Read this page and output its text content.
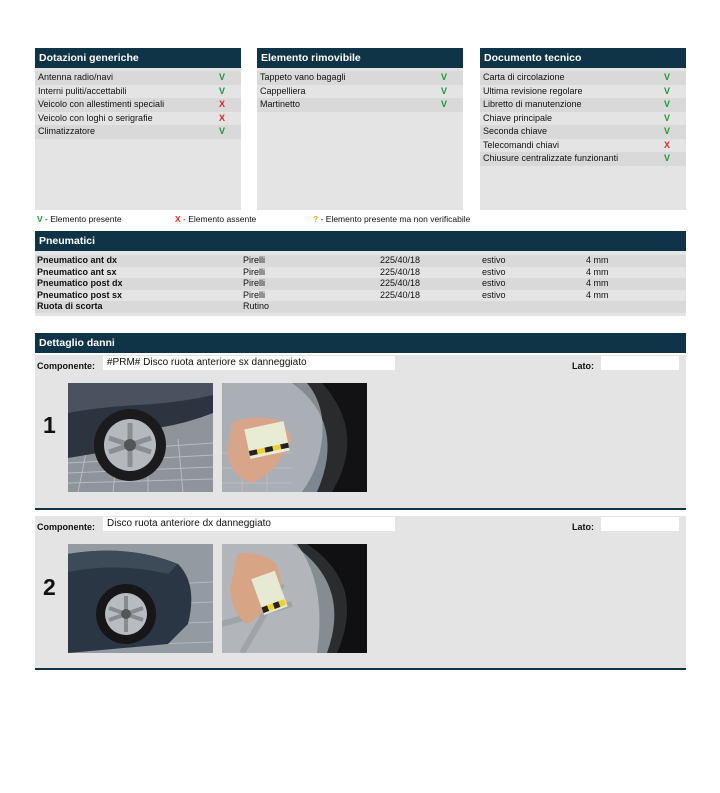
Dotazioni generiche
Antenna radio/navi	V
Interni puliti/accettabili	V
Veicolo con allestimenti speciali	X
Veicolo con loghi o serigrafie	X
Climatizzatore	V
Elemento rimovibile
Tappeto vano bagagli	V
Cappelliera	V
Martinetto	V
Documento tecnico
Carta di circolazione	V
Ultima revisione regolare	V
Libretto di manutenzione	V
Chiave principale	V
Seconda chiave	V
Telecomandi chiavi	X
Chiusure centralizzate funzionanti	V
V - Elemento presente	X - Elemento assente	? - Elemento presente ma non verificabile
Pneumatici
Pneumatico ant dx	Pirelli	225/40/18	estivo	4 mm
Pneumatico ant sx	Pirelli	225/40/18	estivo	4 mm
Pneumatico post dx	Pirelli	225/40/18	estivo	4 mm
Pneumatico post sx	Pirelli	225/40/18	estivo	4 mm
Ruota di scorta	Rutino
Dettaglio danni
Componente:	#PRM# Disco ruota anteriore sx danneggiato	Lato:
1
Componente:	Disco ruota anteriore dx danneggiato	Lato:
2
